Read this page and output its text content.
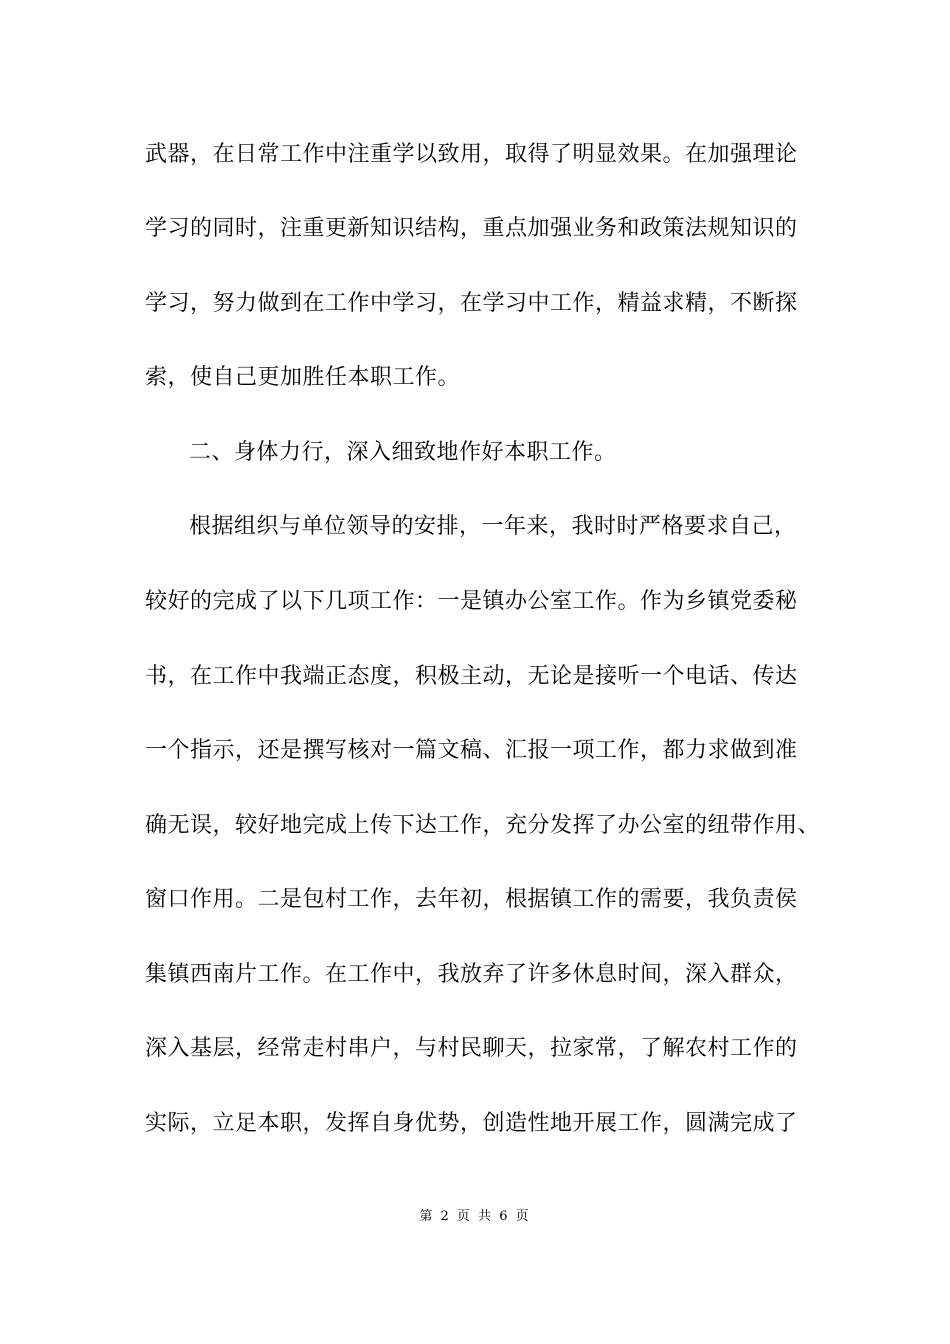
武器，在日常工作中注重学以致用，取得了明显效果。在加强理论
学习的同时，注重更新知识结构，重点加强业务和政策法规知识的
学习，努力做到在工作中学习，在学习中工作，精益求精，不断探
索，使自己更加胜任本职工作。
二、身体力行，深入细致地作好本职工作。
根据组织与单位领导的安排，一年来，我时时严格要求自己，
较好的完成了以下几项工作：一是镇办公室工作。作为乡镇党委秘
书，在工作中我端正态度，积极主动，无论是接听一个电话、传达
一个指示，还是撰写核对一篇文稿、汇报一项工作，都力求做到准
确无误，较好地完成上传下达工作，充分发挥了办公室的纽带作用、
窗口作用。二是包村工作，去年初，根据镇工作的需要，我负责侯
集镇西南片工作。在工作中，我放弃了许多休息时间，深入群众，
深入基层，经常走村串户，与村民聊天，拉家常，了解农村工作的
实际，立足本职，发挥自身优势，创造性地开展工作，圆满完成了
第 2 页 共 6 页
